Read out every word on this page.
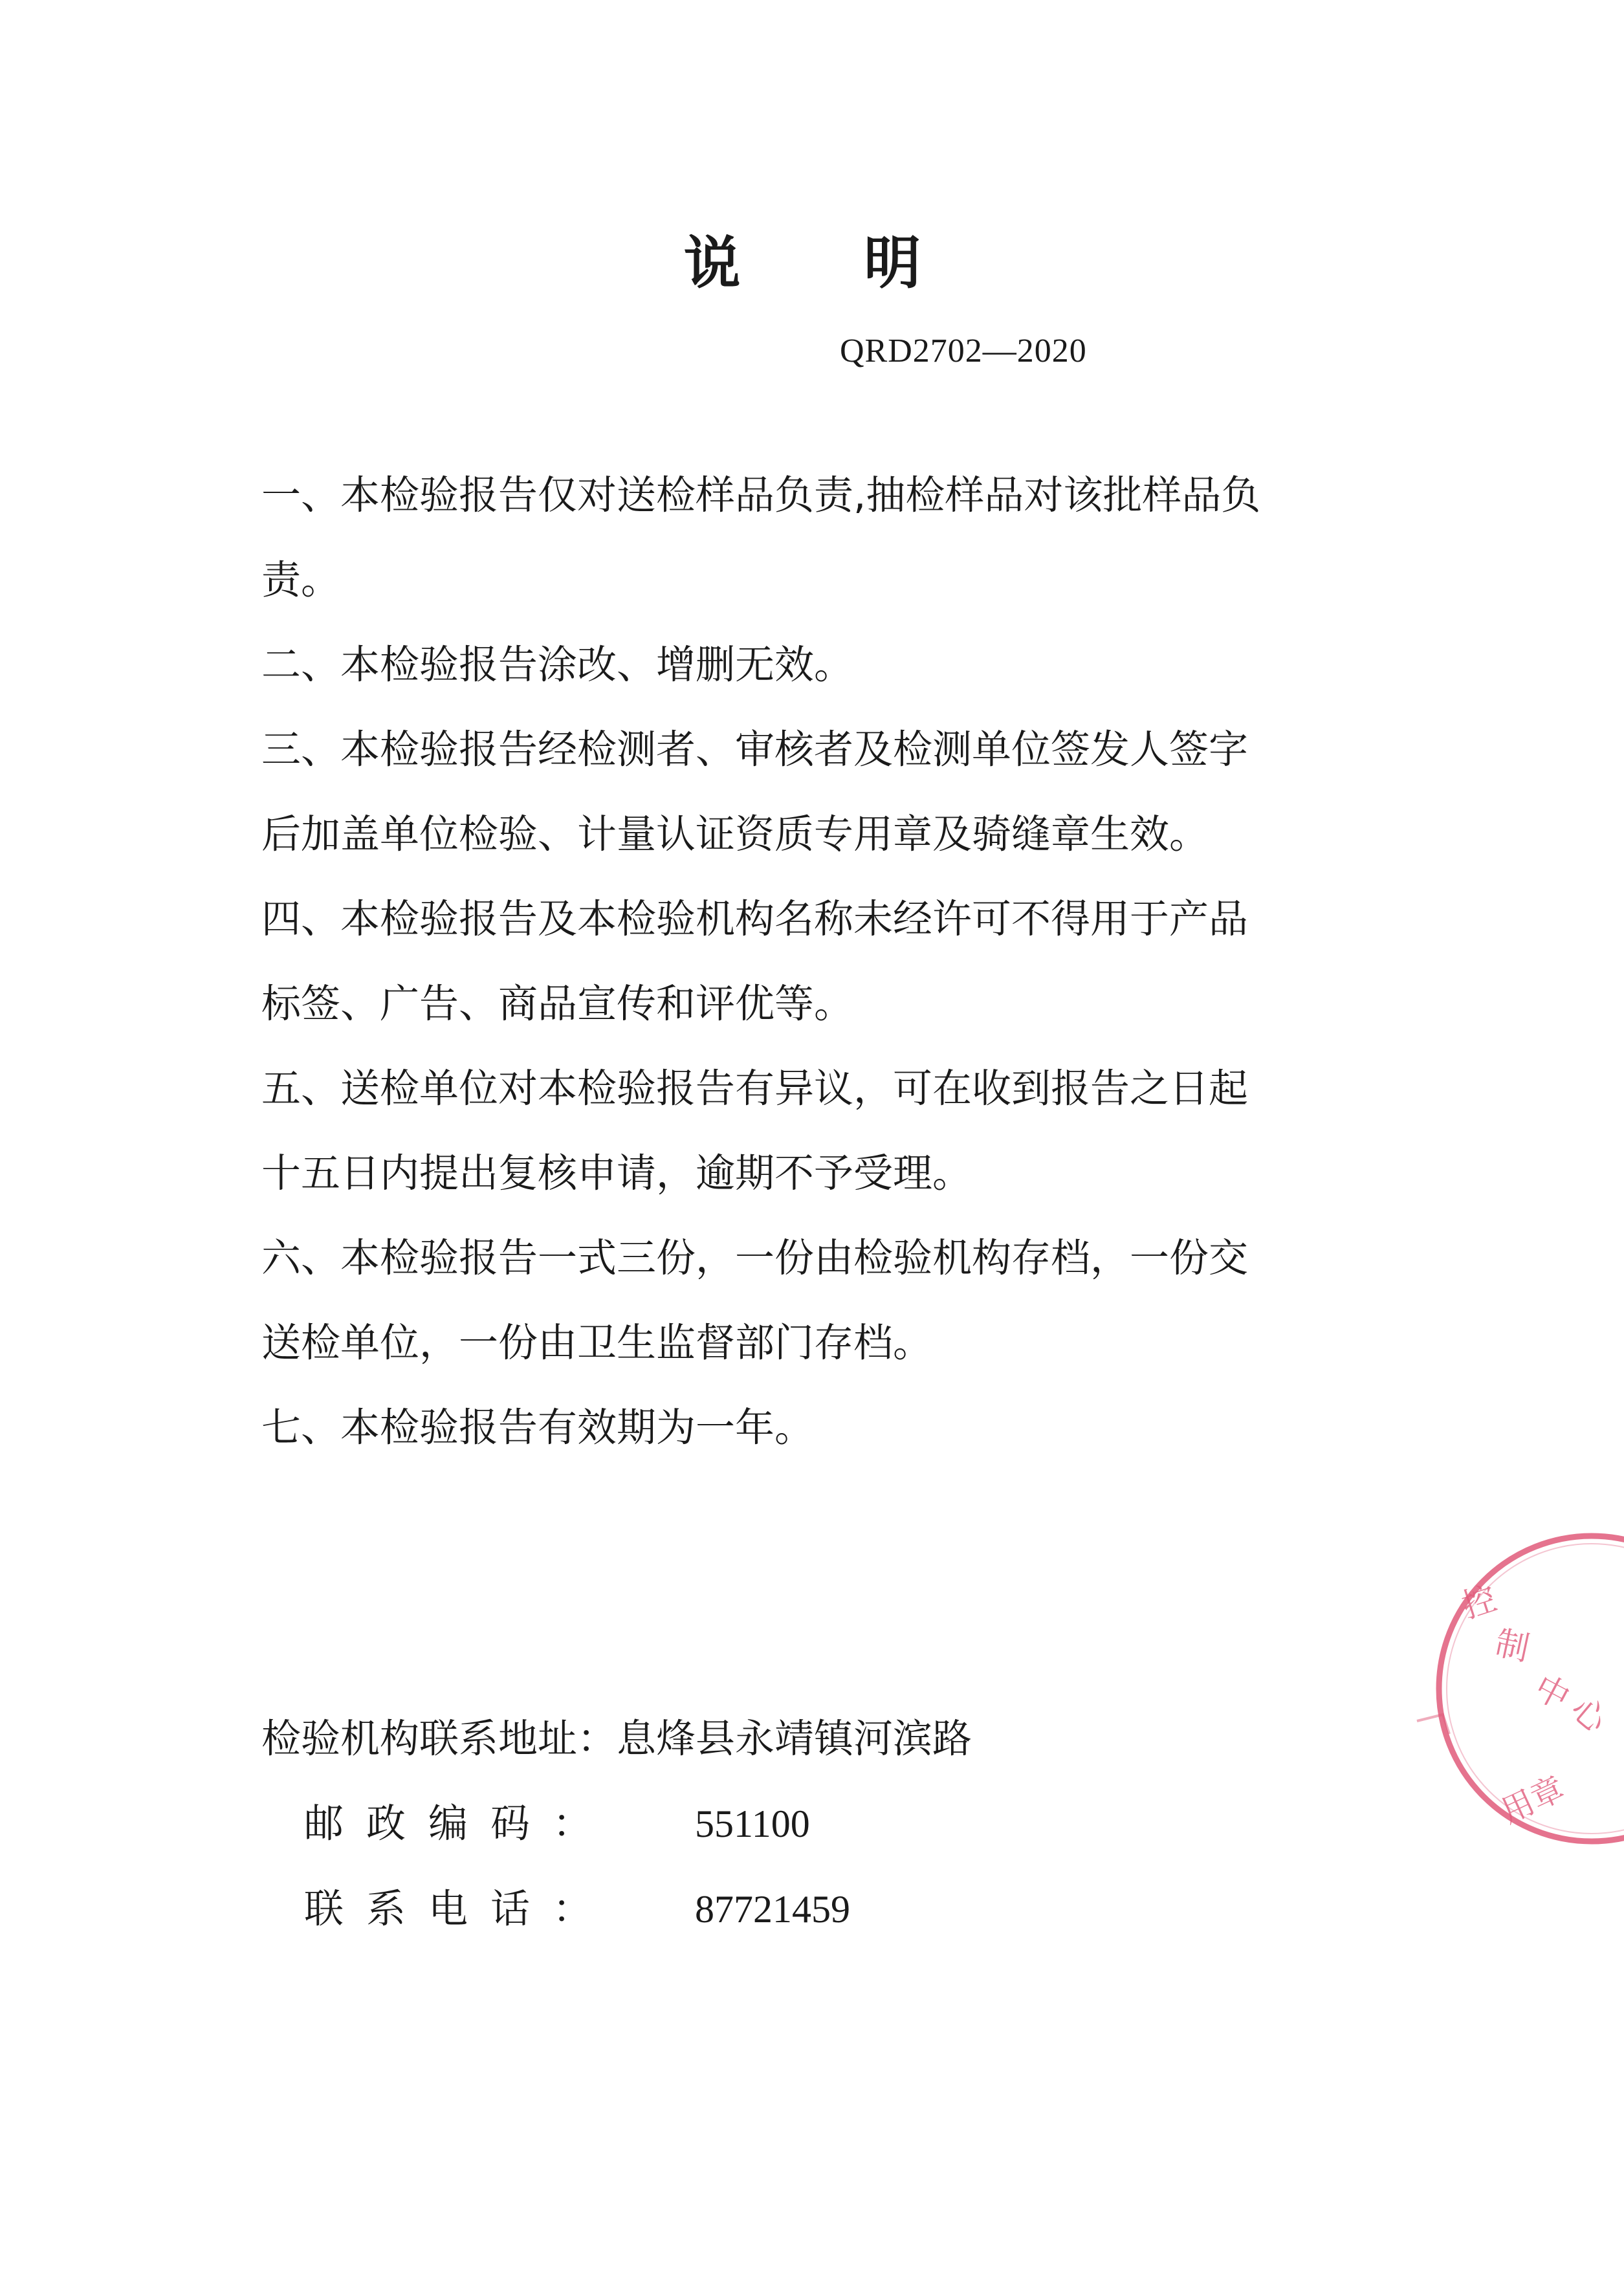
说 明
QRD2702—2020

一、本检验报告仅对送检样品负责,抽检样品对该批样品负

责。

二、本检验报告涂改、增删无效。

三、本检验报告经检测者、审核者及检测单位签发人签字

后加盖单位检验、计量认证资质专用章及骑缝章生效。

四、本检验报告及本检验机构名称未经许可不得用于产品

标签、广告、商品宣传和评优等。

五、送检单位对本检验报告有异议，可在收到报告之日起

十五日内提出复核申请，逾期不予受理。

六、本检验报告一式三份，一份由检验机构存档，一份交

送检单位，一份由卫生监督部门存档。

七、本检验报告有效期为一年。

检验机构联系地址： 息烽县永靖镇河滨路
邮政编码： 551100
联系电话： 87721459
控
制
中
心
用章
